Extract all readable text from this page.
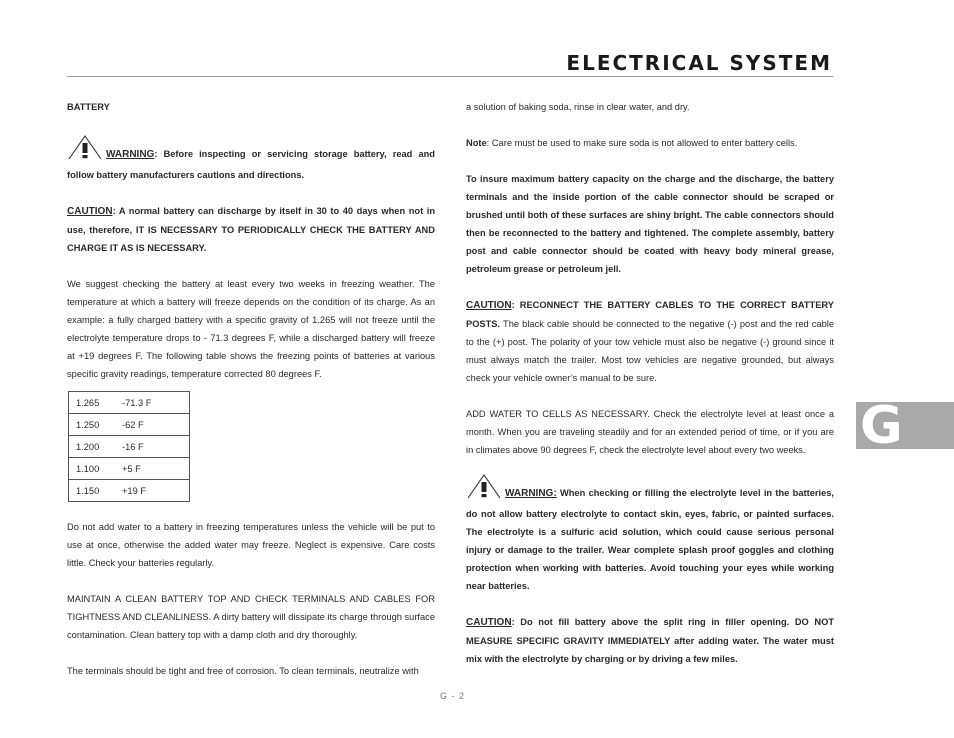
ELECTRICAL SYSTEM

BATTERY

WARNING: Before inspecting or servicing storage battery, read and follow battery manufacturers cautions and directions.

CAUTION: A normal battery can discharge by itself in 30 to 40 days when not in use, therefore, IT IS NECESSARY TO PERIODICALLY CHECK THE BATTERY AND CHARGE IT AS IS NECESSARY.

We suggest checking the battery at least every two weeks in freezing weather. The temperature at which a battery will freeze depends on the condition of its charge. As an example: a fully charged battery with a specific gravity of 1.265 will not freeze until the electrolyte temperature drops to - 71.3 degrees F, while a discharged battery will freeze at +19 degrees F. The following table shows the freezing points of batteries at various specific gravity readings, temperature corrected 80 degrees F.

1.265 -71.3 F
1.250 -62 F
1.200 -16 F
1.100 +5 F
1.150 +19 F

Do not add water to a battery in freezing temperatures unless the vehicle will be put to use at once, otherwise the added water may freeze. Neglect is expensive. Care costs little. Check your batteries regularly.

MAINTAIN A CLEAN BATTERY TOP AND CHECK TERMINALS AND CABLES FOR TIGHTNESS AND CLEANLINESS. A dirty battery will dissipate its charge through surface contamination. Clean battery top with a damp cloth and dry thoroughly.

The terminals should be tight and free of corrosion. To clean terminals, neutralize with

a solution of baking soda, rinse in clear water, and dry.

Note: Care must be used to make sure soda is not allowed to enter battery cells.

To insure maximum battery capacity on the charge and the discharge, the battery terminals and the inside portion of the cable connector should be scraped or brushed until both of these surfaces are shiny bright. The cable connectors should then be reconnected to the battery and tightened. The complete assembly, battery post and cable connector should be coated with heavy body mineral grease, petroleum grease or petroleum jell.

CAUTION: RECONNECT THE BATTERY CABLES TO THE CORRECT BATTERY POSTS. The black cable should be connected to the negative (-) post and the red cable to the (+) post. The polarity of your tow vehicle must also be negative (-) ground since it must always match the trailer. Most tow vehicles are negative grounded, but always check your vehicle owner’s manual to be sure.

ADD WATER TO CELLS AS NECESSARY. Check the electrolyte level at least once a month. When you are traveling steadily and for an extended period of time, or if you are in climates above 90 degrees F, check the electrolyte level about every two weeks.

WARNING: When checking or filling the electrolyte level in the batteries, do not allow battery electrolyte to contact skin, eyes, fabric, or painted surfaces. The electrolyte is a sulfuric acid solution, which could cause serious personal injury or damage to the trailer. Wear complete splash proof goggles and clothing protection when working with batteries. Avoid touching your eyes while working near batteries.

CAUTION: Do not fill battery above the split ring in filler opening. DO NOT MEASURE SPECIFIC GRAVITY IMMEDIATELY after adding water. The water must mix with the electrolyte by charging or by driving a few miles.

G
G - 2
